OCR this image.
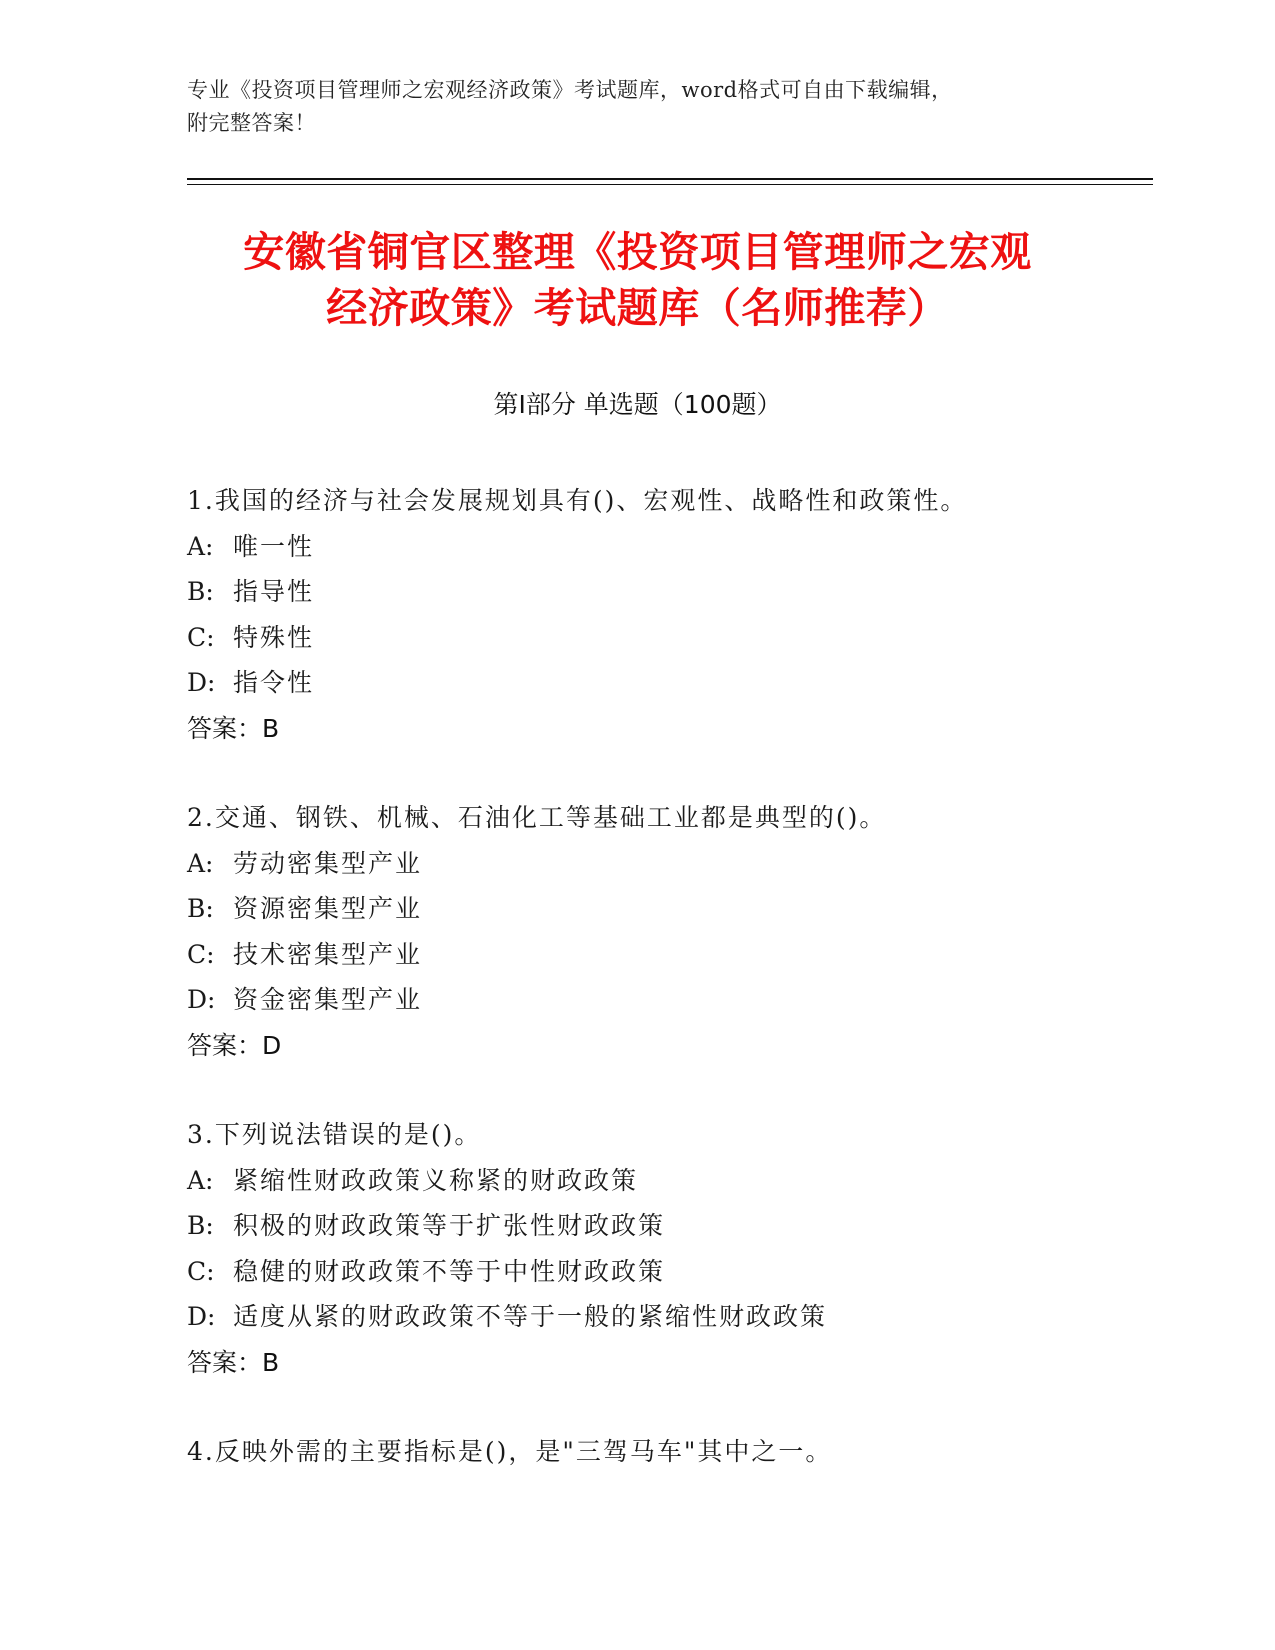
专业《投资项目管理师之宏观经济政策》考试题库，word格式可自由下载编辑，
附完整答案！
安徽省铜官区整理《投资项目管理师之宏观
经济政策》考试题库（名师推荐）
第Ⅰ部分 单选题（100题）
1.我国的经济与社会发展规划具有()、宏观性、战略性和政策性。
A: 唯一性
B: 指导性
C: 特殊性
D: 指令性
答案：B
2.交通、钢铁、机械、石油化工等基础工业都是典型的()。
A: 劳动密集型产业
B: 资源密集型产业
C: 技术密集型产业
D: 资金密集型产业
答案：D
3.下列说法错误的是()。
A: 紧缩性财政政策义称紧的财政政策
B: 积极的财政政策等于扩张性财政政策
C: 稳健的财政政策不等于中性财政政策
D: 适度从紧的财政政策不等于一般的紧缩性财政政策
答案：B
4.反映外需的主要指标是()，是"三驾马车"其中之一。
